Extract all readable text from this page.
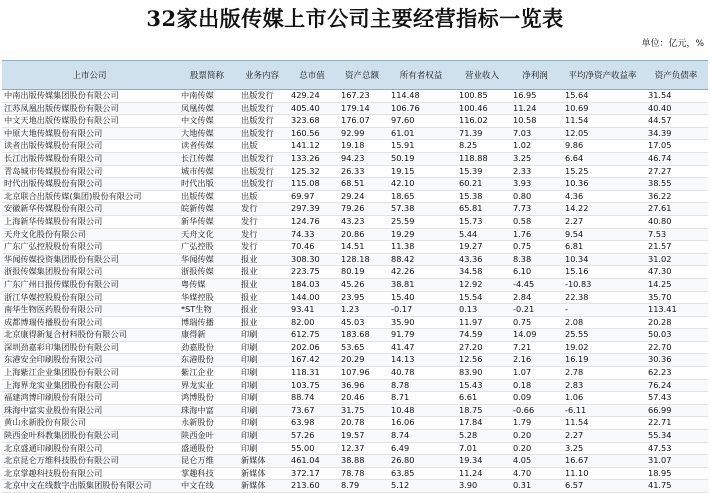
32家出版传媒上市公司主要经营指标一览表
单位：亿元，%
上市公司	股票简称	业务内容	总市值	资产总额	所有者权益	营业收入	净利润	平均净资产收益率	资产负债率
中南出版传媒集团股份有限公司	中南传媒	出版发行	429.24	167.23	114.48	100.85	16.95	15.64	31.54
江苏凤凰出版传媒股份有限公司	凤凰传媒	出版发行	405.40	179.14	106.76	100.46	11.24	10.69	40.40
中文天地出版传媒股份有限公司	中文传媒	出版发行	323.68	176.07	97.60	116.02	10.58	11.54	44.57
中原大地传媒股份有限公司	大地传媒	出版发行	160.56	92.99	61.01	71.39	7.03	12.05	34.39
读者出版传媒股份有限公司	读者传媒	出版	141.12	19.18	15.91	8.25	1.02	9.86	17.05
长江出版传媒股份有限公司	长江传媒	出版发行	133.26	94.23	50.19	118.88	3.25	6.64	46.74
青岛城市传媒股份有限公司	城市传媒	出版发行	125.32	26.33	19.15	15.39	2.33	15.25	27.27
时代出版传媒股份有限公司	时代出版	出版发行	115.08	68.51	42.10	60.21	3.93	10.36	38.55
北京联合出版传媒(集团)股份有限公司	出版传媒	出版	69.97	29.24	18.65	15.38	0.80	4.36	36.22
安徽新华传媒股份有限公司	皖新传媒	发行	297.39	79.26	57.38	65.81	7.73	14.22	27.61
上海新华传媒股份有限公司	新华传媒	发行	124.76	43.23	25.59	15.73	0.58	2.27	40.80
天舟文化股份有限公司	天舟文化	发行	74.33	20.86	19.29	5.44	1.76	9.54	7.53
广东广弘控股股份有限公司	广弘控股	发行	70.46	14.51	11.38	19.27	0.75	6.81	21.57
华闻传媒投资集团股份有限公司	华闻传媒	报业	308.30	128.18	88.42	43.36	8.38	10.34	31.02
浙报传媒集团股份有限公司	浙报传媒	报业	223.75	80.19	42.26	34.58	6.10	15.16	47.30
广东广州日报传媒股份有限公司	粤传媒	报业	184.03	45.26	38.81	12.92	-4.45	-10.83	14.25
浙江华媒控股股份有限公司	华媒控股	报业	144.00	23.95	15.40	15.54	2.84	22.38	35.70
南华生物医药股份有限公司	*ST生物	报业	93.41	1.23	-0.17	0.13	-0.21	-	113.41
成都博瑞传播股份有限公司	博瑞传播	报业	82.00	45.03	35.90	11.97	0.75	2.08	20.28
北京康得新复合材料股份有限公司	康得新	印刷	612.75	183.68	91.79	74.59	14.09	25.55	50.03
深圳劲嘉彩印集团股份有限公司	劲嘉股份	印刷	202.06	53.65	41.47	27.20	7.21	19.02	22.70
东港安全印刷股份有限公司	东港股份	印刷	167.42	20.29	14.13	12.56	2.16	16.19	30.36
上海紫江企业集团股份有限公司	紫江企业	印刷	118.31	107.96	40.78	83.90	1.07	2.78	62.23
上海界龙实业集团股份有限公司	界龙实业	印刷	103.75	36.96	8.78	15.43	0.18	2.83	76.24
福建鸿博印刷股份有限公司	鸿博股份	印刷	88.74	20.46	8.71	6.61	0.09	1.06	57.43
珠海中富实业股份有限公司	珠海中富	印刷	73.67	31.75	10.48	18.75	-0.66	-6.11	66.99
黄山永新股份有限公司	永新股份	印刷	63.98	20.78	16.06	17.84	1.79	11.54	22.71
陕西金叶科教集团股份有限公司	陕西金叶	印刷	57.26	19.57	8.74	5.28	0.20	2.27	55.34
北京盛通印刷股份有限公司	盛通股份	印刷	55.00	12.37	6.49	7.01	0.20	3.25	47.53
北京昆仑万维科技股份有限公司	昆仑万维	新媒体	461.04	38.88	26.80	19.34	4.05	16.67	31.07
北京掌趣科技股份有限公司	掌趣科技	新媒体	372.17	78.78	63.85	11.24	4.70	11.10	18.95
北京中文在线数字出版集团股份有限公司	中文在线	新媒体	213.60	8.79	5.12	3.90	0.31	6.57	41.75
